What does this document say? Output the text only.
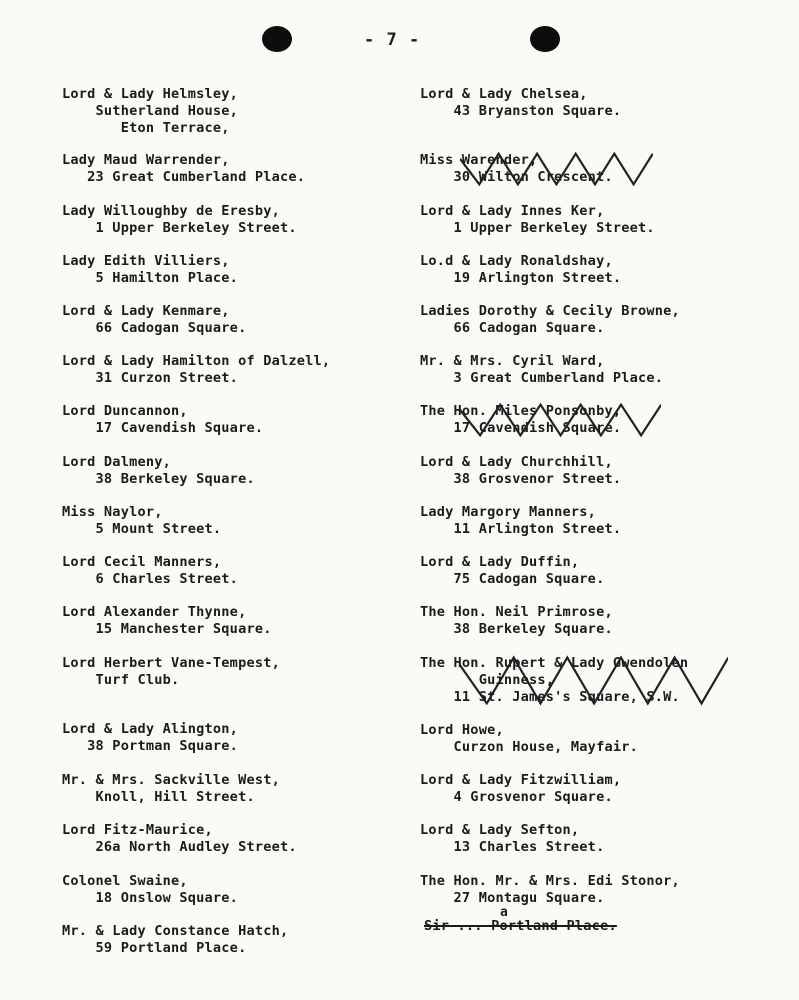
- 7 -
Lord & Lady Helmsley,
Sutherland House,
Eton Terrace,
Lady Maud Warrender,
23 Great Cumberland Place.
Lady Willoughby de Eresby,
1 Upper Berkeley Street.
Lady Edith Villiers,
5 Hamilton Place.
Lord & Lady Kenmare,
66 Cadogan Square.
Lord & Lady Hamilton of Dalzell,
31 Curzon Street.
Lord Duncannon,
17 Cavendish Square.
Lord Dalmeny,
38 Berkeley Square.
Miss Naylor,
5 Mount Street.
Lord Cecil Manners,
6 Charles Street.
Lord Alexander Thynne,
15 Manchester Square.
Lord Herbert Vane-Tempest,
Turf Club.
Lord & Lady Alington,
38 Portman Square.
Mr. & Mrs. Sackville West,
Knoll, Hill Street.
Lord Fitz-Maurice,
26a North Audley Street.
Colonel Swaine,
18 Onslow Square.
Mr. & Lady Constance Hatch,
59 Portland Place.
Lord & Lady Chelsea,
43 Bryanston Square.
Miss Warender,
30 Wilton Crescent.
Lord & Lady Innes Ker,
1 Upper Berkeley Street.
Lo.d & Lady Ronaldshay,
19 Arlington Street.
Ladies Dorothy & Cecily Browne,
66 Cadogan Square.
Mr. & Mrs. Cyril Ward,
3 Great Cumberland Place.
The Hon. Miles Ponsonby,
17 Cavendish Square.
Lord & Lady Churchhill,
38 Grosvenor Street.
Lady Margory Manners,
11 Arlington Street.
Lord & Lady Duffin,
75 Cadogan Square.
The Hon. Neil Primrose,
38 Berkeley Square.
The Hon. Rupert & Lady Gwendolen
Guinness,
11 St. James's Square, S.W.
Lord Howe,
Curzon House, Mayfair.
Lord & Lady Fitzwilliam,
4 Grosvenor Square.
Lord & Lady Sefton,
13 Charles Street.
The Hon. Mr. & Mrs. Edi Stonor,
27 Montagu Square.
a
Sir ... Portland Place.
